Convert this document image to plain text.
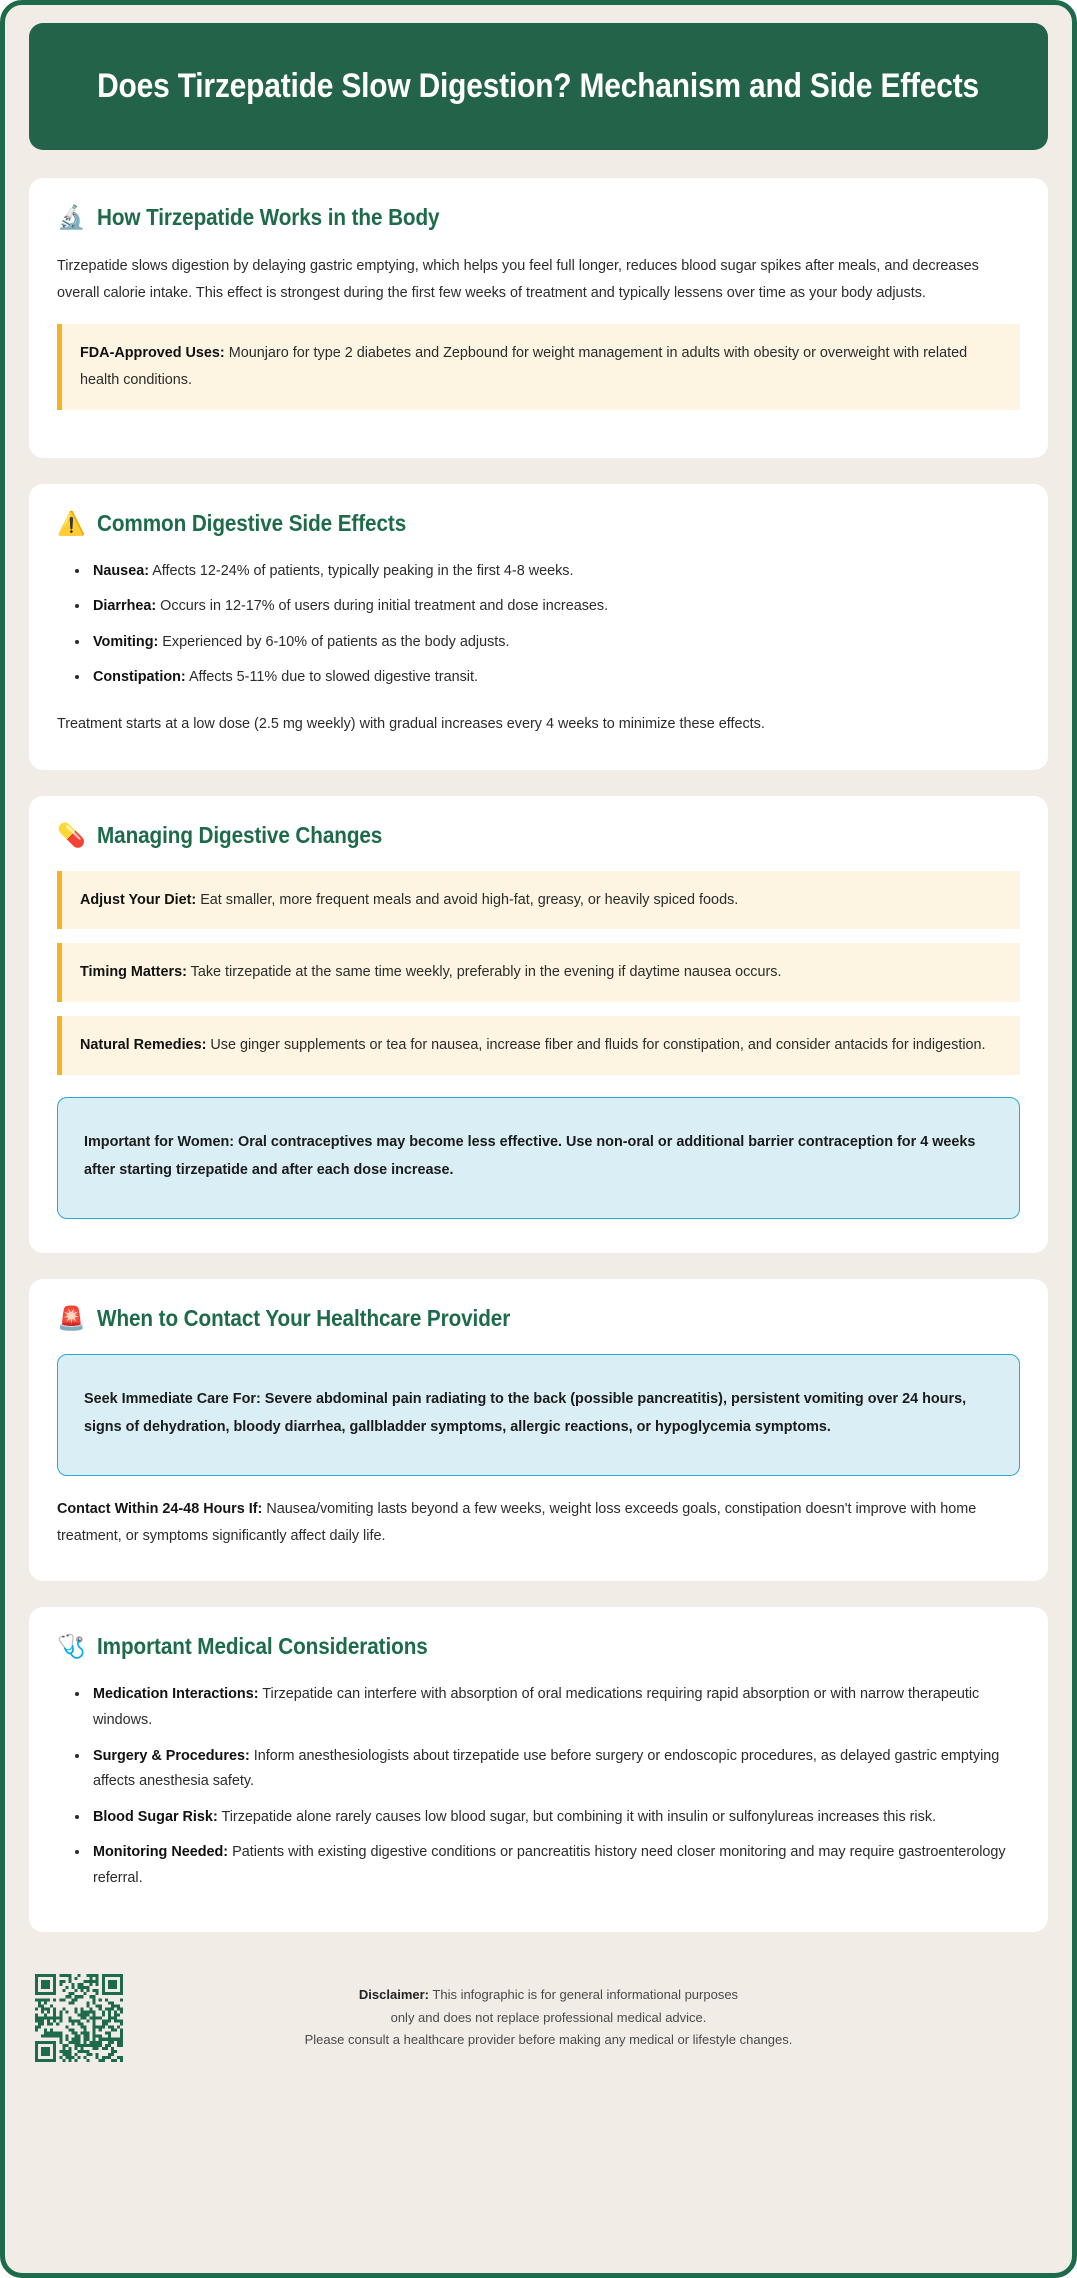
Does Tirzepatide Slow Digestion? Mechanism and Side Effects
🔬 How Tirzepatide Works in the Body
Tirzepatide slows digestion by delaying gastric emptying, which helps you feel full longer, reduces blood sugar spikes after meals, and decreases overall calorie intake. This effect is strongest during the first few weeks of treatment and typically lessens over time as your body adjusts.
FDA-Approved Uses: Mounjaro for type 2 diabetes and Zepbound for weight management in adults with obesity or overweight with related health conditions.
⚠️ Common Digestive Side Effects
Nausea: Affects 12-24% of patients, typically peaking in the first 4-8 weeks.
Diarrhea: Occurs in 12-17% of users during initial treatment and dose increases.
Vomiting: Experienced by 6-10% of patients as the body adjusts.
Constipation: Affects 5-11% due to slowed digestive transit.
Treatment starts at a low dose (2.5 mg weekly) with gradual increases every 4 weeks to minimize these effects.
💊 Managing Digestive Changes
Adjust Your Diet: Eat smaller, more frequent meals and avoid high-fat, greasy, or heavily spiced foods.
Timing Matters: Take tirzepatide at the same time weekly, preferably in the evening if daytime nausea occurs.
Natural Remedies: Use ginger supplements or tea for nausea, increase fiber and fluids for constipation, and consider antacids for indigestion.
Important for Women: Oral contraceptives may become less effective. Use non-oral or additional barrier contraception for 4 weeks after starting tirzepatide and after each dose increase.
🚨 When to Contact Your Healthcare Provider
Seek Immediate Care For: Severe abdominal pain radiating to the back (possible pancreatitis), persistent vomiting over 24 hours, signs of dehydration, bloody diarrhea, gallbladder symptoms, allergic reactions, or hypoglycemia symptoms.
Contact Within 24-48 Hours If: Nausea/vomiting lasts beyond a few weeks, weight loss exceeds goals, constipation doesn't improve with home treatment, or symptoms significantly affect daily life.
🩺 Important Medical Considerations
Medication Interactions: Tirzepatide can interfere with absorption of oral medications requiring rapid absorption or with narrow therapeutic windows.
Surgery & Procedures: Inform anesthesiologists about tirzepatide use before surgery or endoscopic procedures, as delayed gastric emptying affects anesthesia safety.
Blood Sugar Risk: Tirzepatide alone rarely causes low blood sugar, but combining it with insulin or sulfonylureas increases this risk.
Monitoring Needed: Patients with existing digestive conditions or pancreatitis history need closer monitoring and may require gastroenterology referral.
Disclaimer: This infographic is for general informational purposes
only and does not replace professional medical advice.
Please consult a healthcare provider before making any medical or lifestyle changes.
